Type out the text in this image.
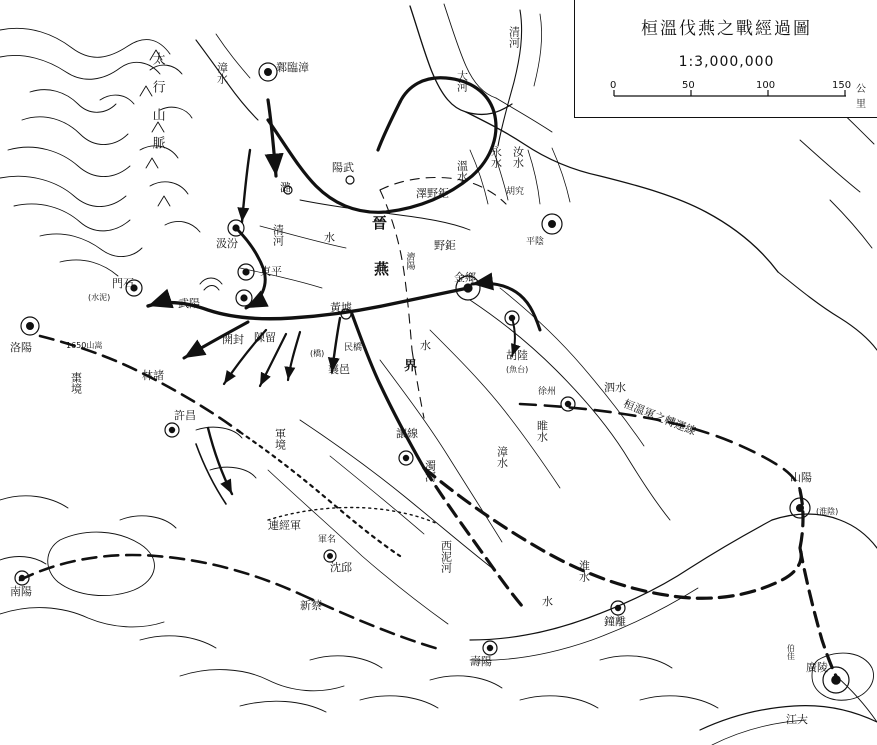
桓溫伐燕之戰經過圖
1:3,000,000
0	50	100	150 公里
太 行 山 脈
晉
燕
界
漳水
清河
大河
清河
溫水
水
永水 汝水
泗水
睢水
漳水
水
桓溫軍之轉運線
濁河
西泥河	淮水
水
江大
棗境
軍境
連經軍
軍名
讓線
1650山嵩
鄴臨漳
潞
陽武
汲汾
門石
(水泥)	武陽
東平
野鉅
金鄉
濟陽
平陰
澤野鉅	胡究
黃墟
陳留
開封
民橋
(橋)
襄邑
林諸
許昌
洛陽
胡陸
(魚台)
徐州
山陽
(淮陰)
鐘離
壽陽	廣陵
伯佳
南陽
新蔡
沈邱
